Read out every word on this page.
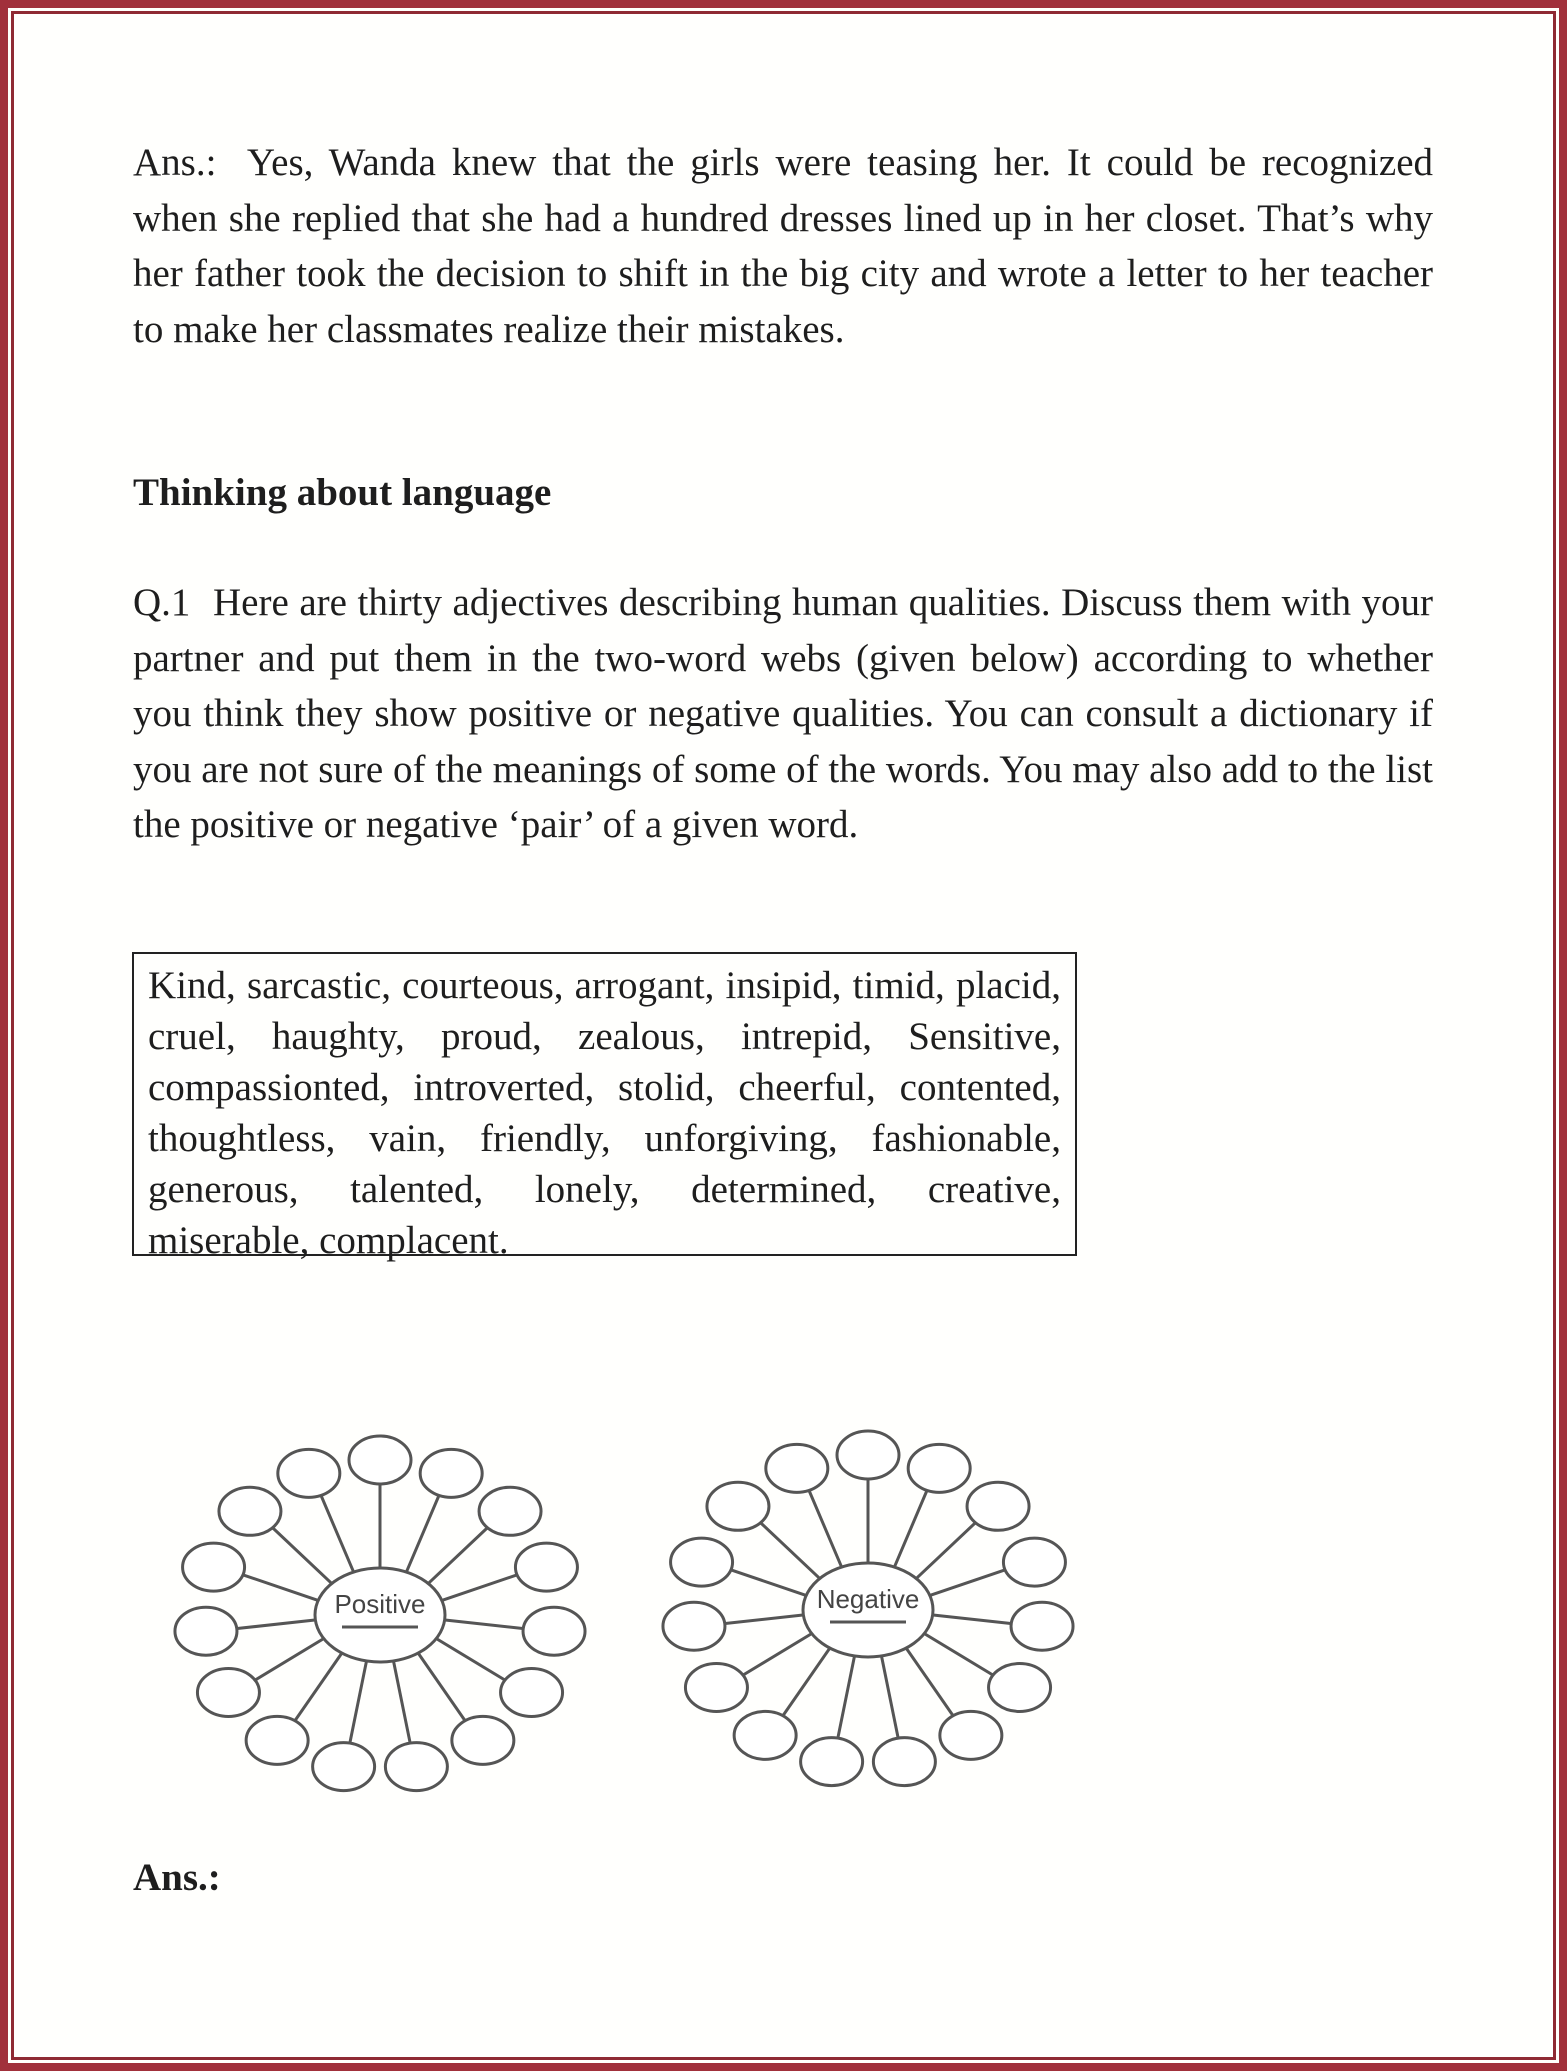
Ans.: Yes, Wanda knew that the girls were teasing her. It could be recognized when she replied that she had a hundred dresses lined up in her closet. That’s why her father took the decision to shift in the big city and wrote a letter to her teacher to make her classmates realize their mistakes.

Thinking about language

Q.1 Here are thirty adjectives describing human qualities. Discuss them with your partner and put them in the two-word webs (given below) according to whether you think they show positive or negative qualities. You can consult a dictionary if you are not sure of the meanings of some of the words. You may also add to the list the positive or negative ‘pair’ of a given word.

Kind, sarcastic, courteous, arrogant, insipid, timid, placid, cruel, haughty, proud, zealous, intrepid, Sensitive, compassionted, introverted, stolid, cheerful, contented, thoughtless, vain, friendly, unforgiving, fashionable, generous, talented, lonely, determined, creative, miserable, complacent.
Positive	Negative
Ans.:
